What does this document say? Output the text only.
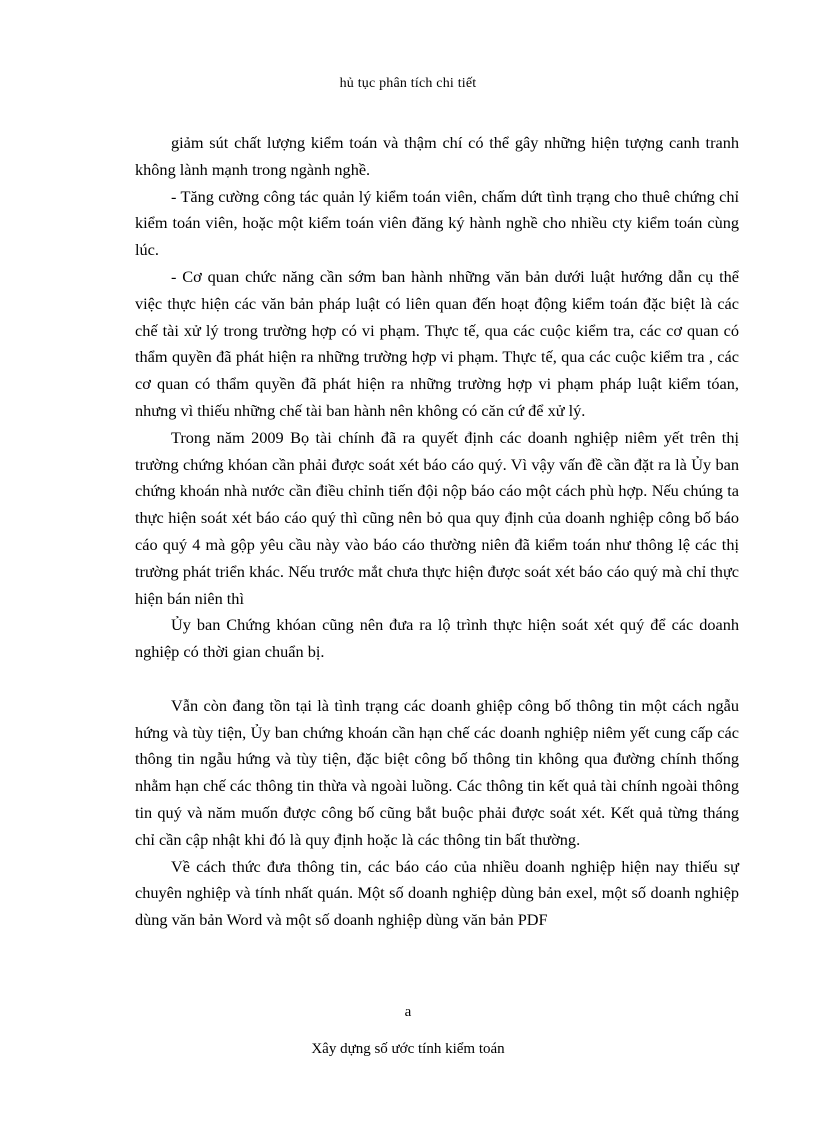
hủ tục phân tích chi tiết

giảm sút chất lượng kiểm toán và thậm chí có thể gây những hiện tượng canh tranh không lành mạnh trong ngành nghề.

- Tăng cường công tác quản lý kiểm toán viên, chấm dứt tình trạng cho thuê chứng chỉ kiểm toán viên, hoặc một kiểm toán viên đăng ký hành nghề cho nhiều cty kiểm toán cùng lúc.

- Cơ quan chức năng cần sớm ban hành những văn bản dưới luật hướng dẫn cụ thể việc thực hiện các văn bản pháp luật có liên quan đến hoạt động kiểm toán đặc biệt là các chế tài xử lý trong trường hợp có vi phạm. Thực tế, qua các cuộc kiểm tra, các cơ quan có thẩm quyền đã phát hiện ra những trường hợp vi phạm. Thực tế, qua các cuộc kiểm tra , các cơ quan có thẩm quyền đã phát hiện ra những trường hợp vi phạm pháp luật kiểm tóan, nhưng vì thiếu những chế tài ban hành nên không có căn cứ để xử lý.

Trong năm 2009 Bọ tài chính đã ra quyết định các doanh nghiệp niêm yết trên thị trường chứng khóan cần phải được soát xét báo cáo quý. Vì vậy vấn đề cần đặt ra là Ủy ban chứng khoán nhà nước cần điều chỉnh tiến đội nộp báo cáo một cách phù hợp. Nếu chúng ta thực hiện soát xét báo cáo quý thì cũng nên bỏ qua quy định của doanh nghiệp công bố báo cáo quý 4 mà gộp yêu cầu này vào báo cáo thường niên đã kiểm toán như thông lệ các thị trường phát triển khác. Nếu trước mắt chưa thực hiện được soát xét báo cáo quý mà chỉ thực hiện bán niên thì

Ủy ban Chứng khóan cũng nên đưa ra lộ trình thực hiện soát xét quý để các doanh nghiệp có thời gian chuẩn bị.

Vẫn còn đang tồn tại là tình trạng các doanh ghiệp công bố thông tin một cách ngẫu hứng và tùy tiện, Ủy ban chứng khoán cần hạn chế các doanh nghiệp niêm yết cung cấp các thông tin ngẫu hứng và tùy tiện, đặc biệt công bố thông tin không qua đường chính thống nhằm hạn chế các thông tin thừa và ngoài luồng. Các thông tin kết quả tài chính ngoài thông tin quý và năm muốn được công bố cũng bắt buộc phải được soát xét. Kết quả từng tháng chỉ cần cập nhật khi đó là quy định hoặc là các thông tin bất thường.

Về cách thức đưa thông tin, các báo cáo của nhiều doanh nghiệp hiện nay thiếu sự chuyên nghiệp và tính nhất quán. Một số doanh nghiệp dùng bản exel, một số doanh nghiệp dùng văn bản Word và một số doanh nghiệp dùng văn bản PDF

a
Xây dựng số ước tính kiểm toán
